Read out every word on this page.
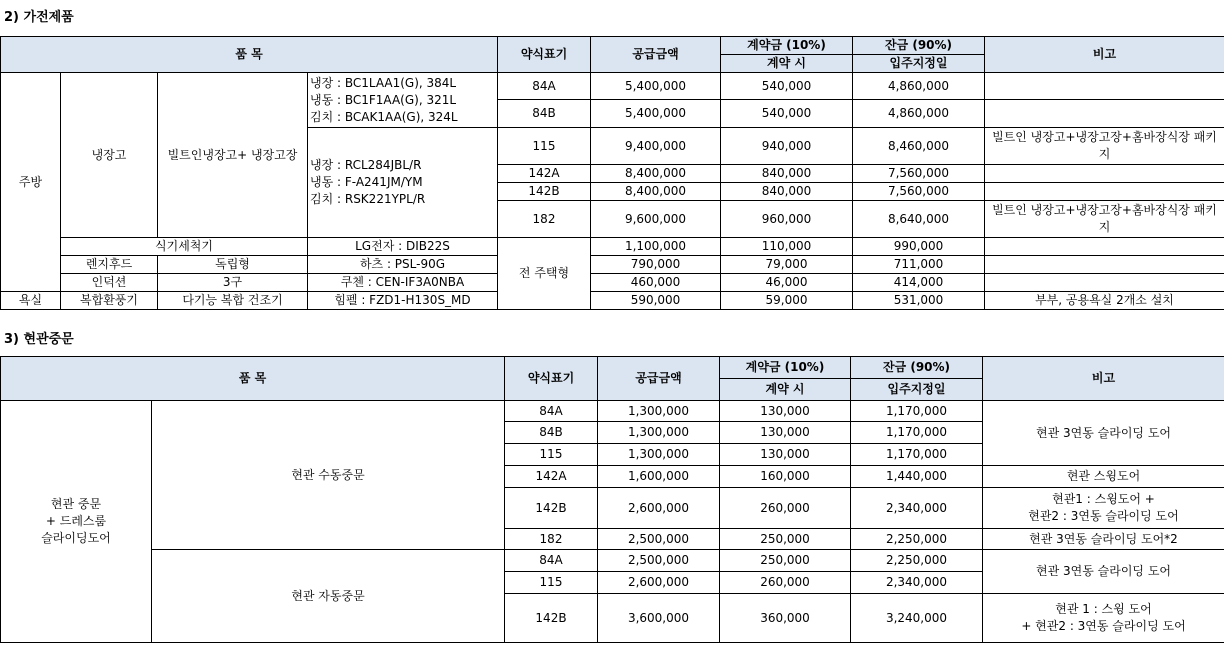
2) 가전제품
품 목				약식표기	공급금액	계약금 (10%)	잔금 (90%)	비고
						계약 시	입주지정일	
주방	냉장고	빌트인냉장고+ 냉장고장	냉장 : BC1LAA1(G), 384L
냉동 : BC1F1AA(G), 321L
김치 : BCAK1AA(G), 324L	84A	5,400,000	540,000	4,860,000	
				84B	5,400,000	540,000	4,860,000	

			냉장 : RCL284JBL/R
냉동 : F-A241JM/YM
김치 : RSK221YPL/R	115	9,400,000	940,000	8,460,000	빌트인 냉장고+냉장고장+홈바장식장 패키지
				142A	8,400,000	840,000	7,560,000	
				142B	8,400,000	840,000	7,560,000	
				182	9,600,000	960,000	8,640,000	빌트인 냉장고+냉장고장+홈바장식장 패키지
	식기세척기		LG전자 : DIB22S	전 주택형	1,100,000	110,000	990,000	
	렌지후드	독립형	하츠 : PSL-90G		790,000	79,000	711,000	
	인덕션	3구	쿠첸 : CEN-IF3A0NBA		460,000	46,000	414,000	
욕실	복합환풍기	다기능 복합 건조기	힘펠 : FZD1-H130S_MD		590,000	59,000	531,000	부부, 공용욕실 2개소 설치
3) 현관중문
품 목		약식표기	공급금액	계약금 (10%)	잔금 (90%)	비고
				계약 시	입주지정일	

현관 중문
+ 드레스룸
슬라이딩도어	현관 수동중문	84A	1,300,000	130,000	1,170,000	현관 3연동 슬라이딩 도어
		84B	1,300,000	130,000	1,170,000	
		115	1,300,000	130,000	1,170,000	
		142A	1,600,000	160,000	1,440,000	현관 스윙도어
		142B	2,600,000	260,000	2,340,000	현관1 : 스윙도어 +
현관2 : 3연동 슬라이딩 도어

		182	2,500,000	250,000	2,250,000	현관 3연동 슬라이딩 도어*2
	현관 자동중문	84A	2,500,000	250,000	2,250,000	현관 3연동 슬라이딩 도어
		115	2,600,000	260,000	2,340,000	
		142B	3,600,000	360,000	3,240,000	현관 1 : 스윙 도어
+ 현관2 : 3연동 슬라이딩 도어
